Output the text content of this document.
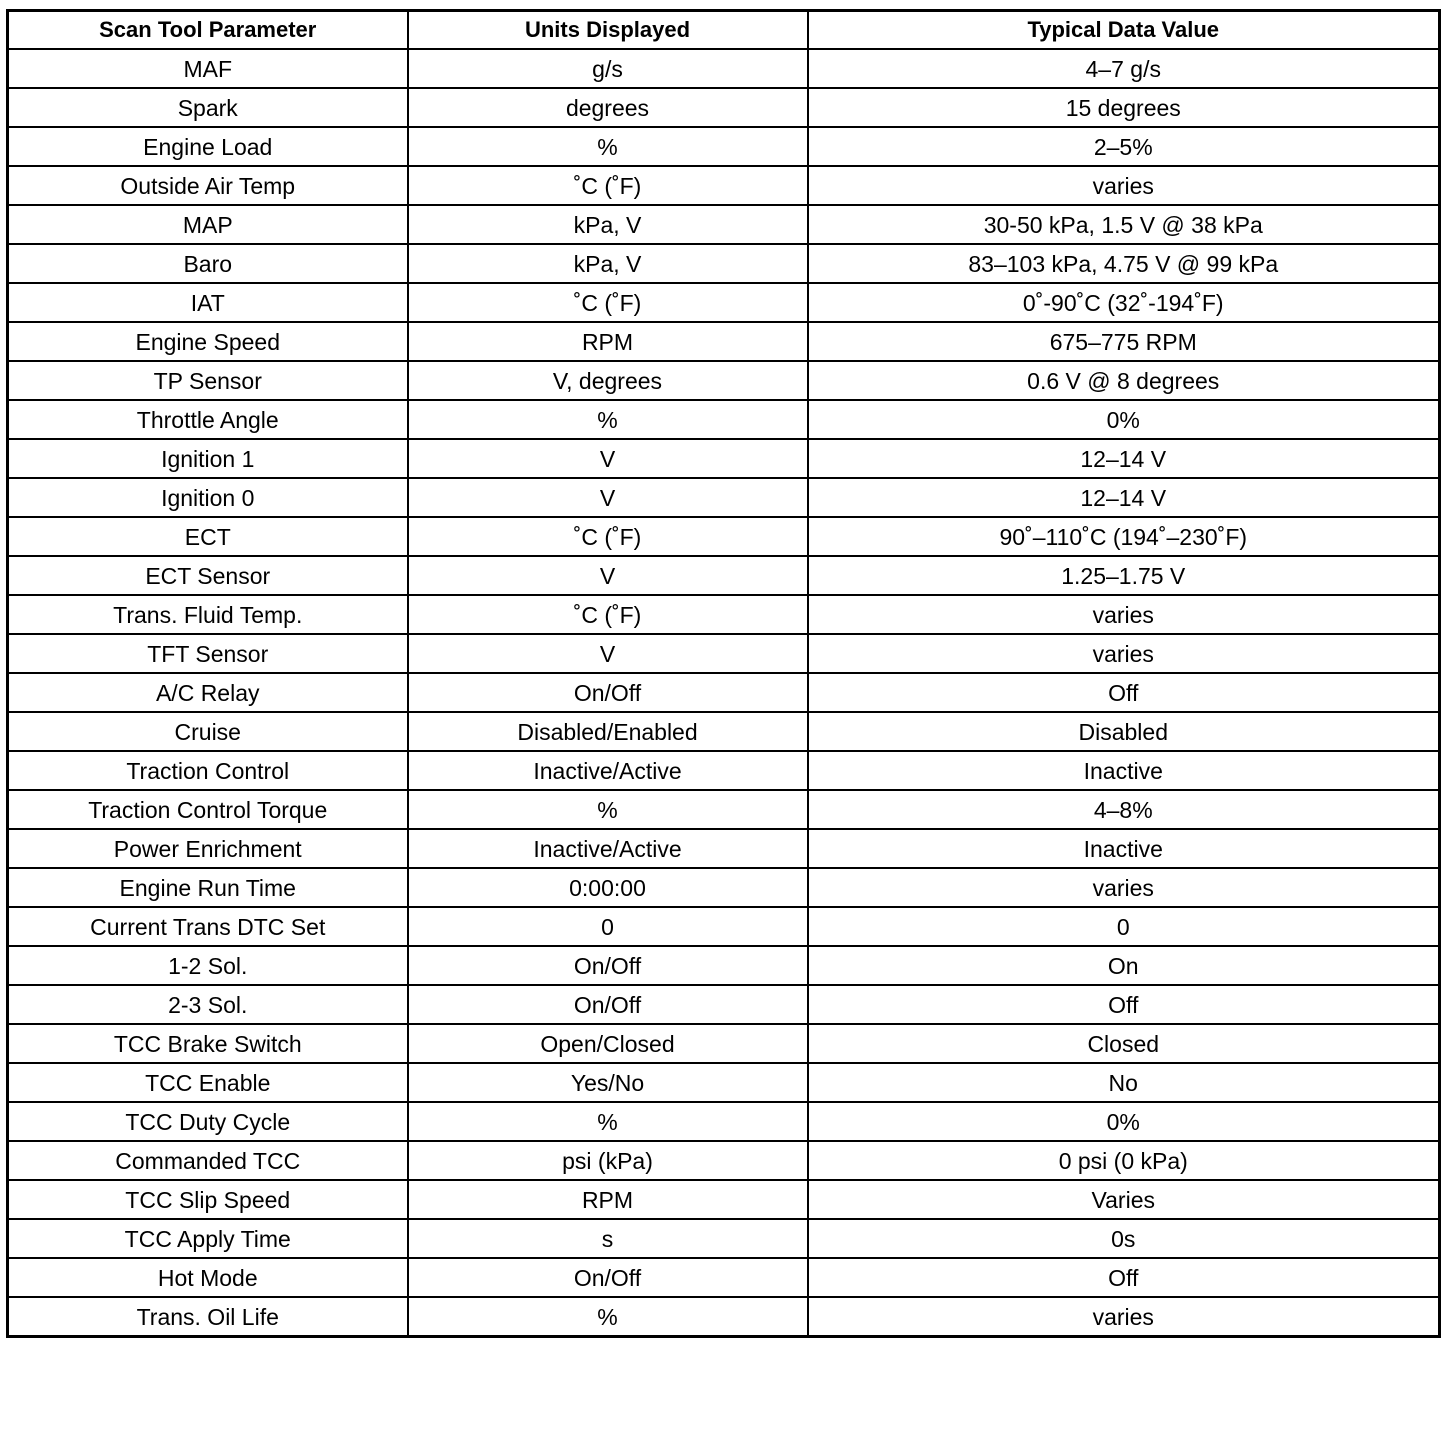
Scan Tool Parameter	Units Displayed	Typical Data Value
MAF	g/s	4–7 g/s
Spark	degrees	15 degrees
Engine Load	%	2–5%
Outside Air Temp	˚C (˚F)	varies
MAP	kPa, V	30-50 kPa, 1.5 V @ 38 kPa
Baro	kPa, V	83–103 kPa, 4.75 V @ 99 kPa
IAT	˚C (˚F)	0˚-90˚C (32˚-194˚F)
Engine Speed	RPM	675–775 RPM
TP Sensor	V, degrees	0.6 V @ 8 degrees
Throttle Angle	%	0%
Ignition 1	V	12–14 V
Ignition 0	V	12–14 V
ECT	˚C (˚F)	90˚–110˚C (194˚–230˚F)
ECT Sensor	V	1.25–1.75 V
Trans. Fluid Temp.	˚C (˚F)	varies
TFT Sensor	V	varies
A/C Relay	On/Off	Off
Cruise	Disabled/Enabled	Disabled
Traction Control	Inactive/Active	Inactive
Traction Control Torque	%	4–8%
Power Enrichment	Inactive/Active	Inactive
Engine Run Time	0:00:00	varies
Current Trans DTC Set	0	0
1-2 Sol.	On/Off	On
2-3 Sol.	On/Off	Off
TCC Brake Switch	Open/Closed	Closed
TCC Enable	Yes/No	No
TCC Duty Cycle	%	0%
Commanded TCC	psi (kPa)	0 psi (0 kPa)
TCC Slip Speed	RPM	Varies
TCC Apply Time	s	0s
Hot Mode	On/Off	Off
Trans. Oil Life	%	varies
